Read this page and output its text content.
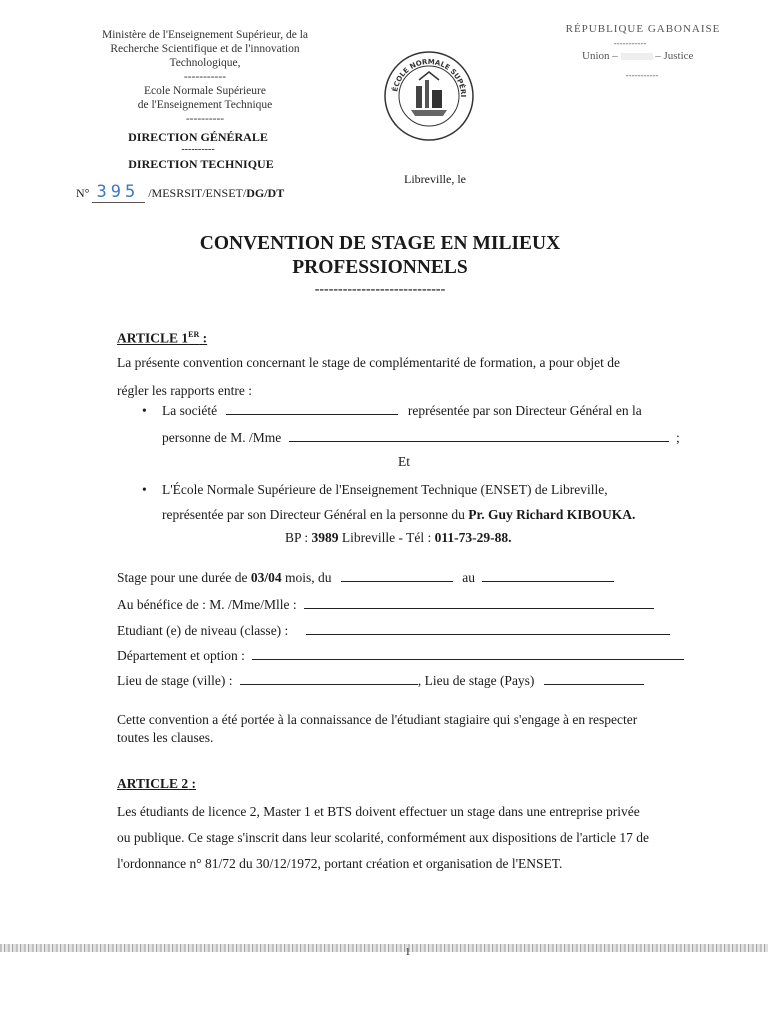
Ministère de l'Enseignement Supérieur, de la
Recherche Scientifique et de l'innovation
Technologique,
-----------
Ecole Normale Supérieure
de l'Enseignement Technique
----------
DIRECTION GÉNÉRALE
----------
DIRECTION TECHNIQUE
N° 395 /MESRSIT/ENSET/DG/DT
ÉCOLE NORMALE SUPÉRI
RÉPUBLIQUE GABONAISE
-----------
Union –	– Justice
-----------
Libreville, le
CONVENTION DE STAGE EN MILIEUX
PROFESSIONNELS
----------------------------
ARTICLE 1ER :
La présente convention concernant le stage de complémentarité de formation, a pour objet de
régler les rapports entre :
• La société	représentée par son Directeur Général en la
personne de M. /Mme	;
Et
• L'École Normale Supérieure de l'Enseignement Technique (ENSET) de Libreville,
représentée par son Directeur Général en la personne du Pr. Guy Richard KIBOUKA.
BP : 3989 Libreville - Tél : 011-73-29-88.
Stage pour une durée de 03/04 mois, du	au
Au bénéfice de : M. /Mme/Mlle :
Etudiant (e) de niveau (classe) :
Département et option :
Lieu de stage (ville) :	, Lieu de stage (Pays)
Cette convention a été portée à la connaissance de l'étudiant stagiaire qui s'engage à en respecter
toutes les clauses.
ARTICLE 2 :
Les étudiants de licence 2, Master 1 et BTS doivent effectuer un stage dans une entreprise privée
ou publique. Ce stage s'inscrit dans leur scolarité, conformément aux dispositions de l'article 17 de
l'ordonnance n° 81/72 du 30/12/1972, portant création et organisation de l'ENSET.
1
